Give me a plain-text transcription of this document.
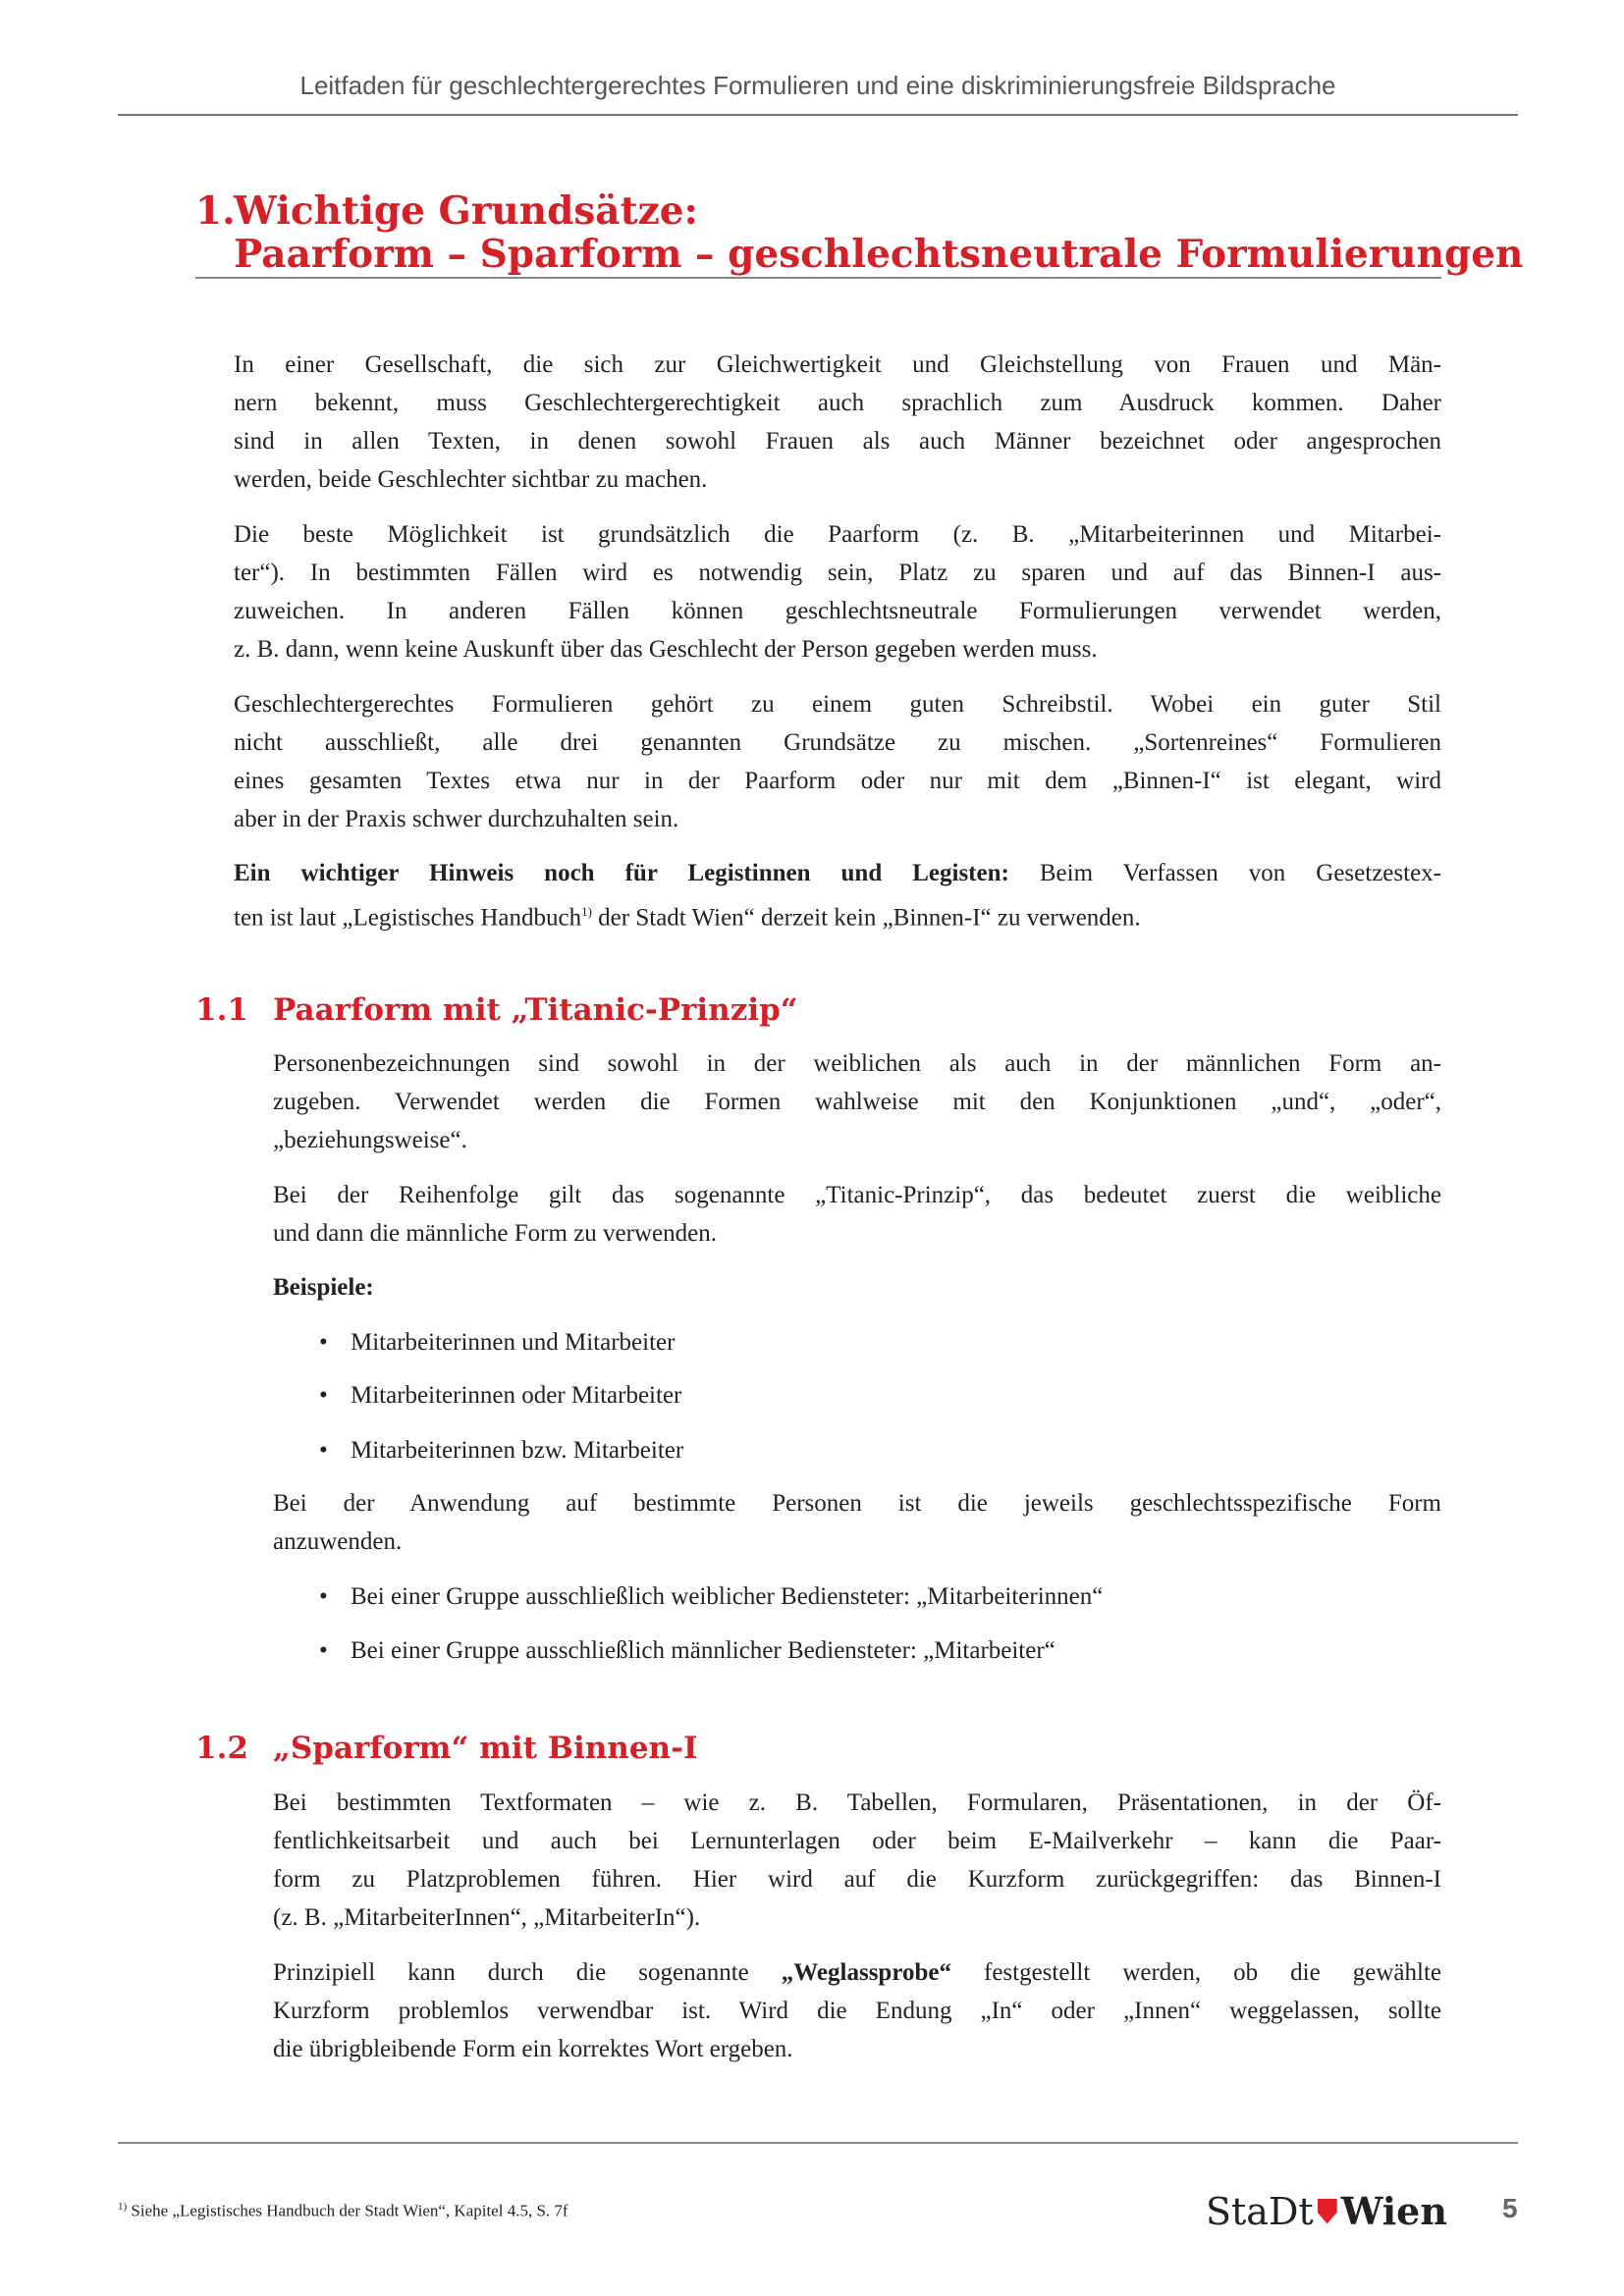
Leitfaden für geschlechtergerechtes Formulieren und eine diskriminierungsfreie Bildsprache
1.
Wichtige Grundsätze:
Paarform – Sparform – geschlechtsneutrale Formulierungen
In einer Gesellschaft, die sich zur Gleichwertigkeit und Gleichstellung von Frauen und Män-
nern bekennt, muss Geschlechtergerechtigkeit auch sprachlich zum Ausdruck kommen. Daher
sind in allen Texten, in denen sowohl Frauen als auch Männer bezeichnet oder angesprochen
werden, beide Geschlechter sichtbar zu machen.
Die beste Möglichkeit ist grundsätzlich die Paarform (z. B. „Mitarbeiterinnen und Mitarbei-
ter“). In bestimmten Fällen wird es notwendig sein, Platz zu sparen und auf das Binnen-I aus-
zuweichen. In anderen Fällen können geschlechtsneutrale Formulierungen verwendet werden,
z. B. dann, wenn keine Auskunft über das Geschlecht der Person gegeben werden muss.
Geschlechtergerechtes Formulieren gehört zu einem guten Schreibstil. Wobei ein guter Stil
nicht ausschließt, alle drei genannten Grundsätze zu mischen. „Sortenreines“ Formulieren
eines gesamten Textes etwa nur in der Paarform oder nur mit dem „Binnen-I“ ist elegant, wird
aber in der Praxis schwer durchzuhalten sein.
Ein wichtiger Hinweis noch für Legistinnen und Legisten: Beim Verfassen von Gesetzestex-
ten ist laut „Legistisches Handbuch$^{1)}$ der Stadt Wien“ derzeit kein „Binnen-I“ zu verwenden.
1.1 Paarform mit „Titanic-Prinzip“
Personenbezeichnungen sind sowohl in der weiblichen als auch in der männlichen Form an-
zugeben. Verwendet werden die Formen wahlweise mit den Konjunktionen „und“, „oder“,
„beziehungsweise“.
Bei der Reihenfolge gilt das sogenannte „Titanic-Prinzip“, das bedeutet zuerst die weibliche
und dann die männliche Form zu verwenden.
Beispiele:
• Mitarbeiterinnen und Mitarbeiter
• Mitarbeiterinnen oder Mitarbeiter
• Mitarbeiterinnen bzw. Mitarbeiter
Bei der Anwendung auf bestimmte Personen ist die jeweils geschlechtsspezifische Form
anzuwenden.
• Bei einer Gruppe ausschließlich weiblicher Bediensteter: „Mitarbeiterinnen“
• Bei einer Gruppe ausschließlich männlicher Bediensteter: „Mitarbeiter“
1.2 „Sparform“ mit Binnen-I
Bei bestimmten Textformaten – wie z. B. Tabellen, Formularen, Präsentationen, in der Öf-
fentlichkeitsarbeit und auch bei Lernunterlagen oder beim E-Mailverkehr – kann die Paar-
form zu Platzproblemen führen. Hier wird auf die Kurzform zurückgegriffen: das Binnen-I
(z. B. „MitarbeiterInnen“, „MitarbeiterIn“).
Prinzipiell kann durch die sogenannte „Weglassprobe“ festgestellt werden, ob die gewählte
Kurzform problemlos verwendbar ist. Wird die Endung „In“ oder „Innen“ weggelassen, sollte
die übrigbleibende Form ein korrektes Wort ergeben.
$^{1)}$ Siehe „Legistisches Handbuch der Stadt Wien“, Kapitel 4.5, S. 7f	StaDt Wien 5
